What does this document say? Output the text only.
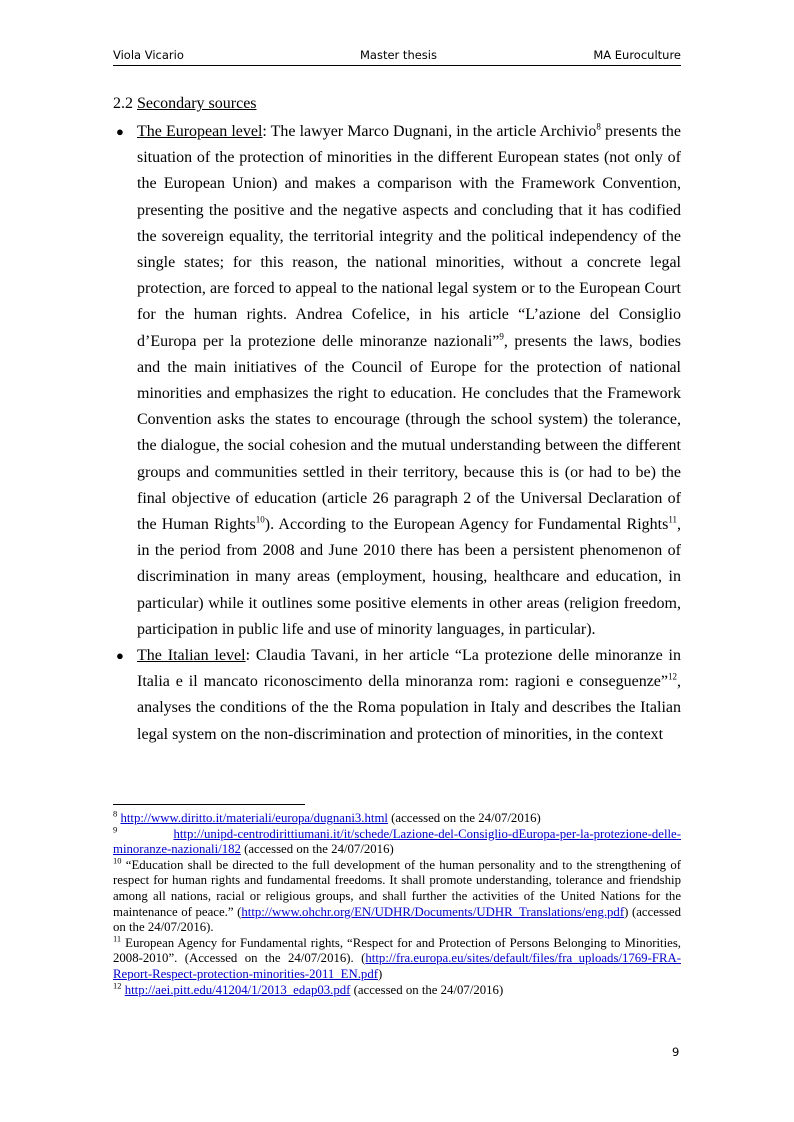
Viola Vicario	Master thesis	MA Euroculture
2.2 Secondary sources
● The European level: The lawyer Marco Dugnani, in the article Archivio$^8$ presents the situation of the protection of minorities in the different European states (not only of the European Union) and makes a comparison with the Framework Convention, presenting the positive and the negative aspects and concluding that it has codified the sovereign equality, the territorial integrity and the political independency of the single states; for this reason, the national minorities, without a concrete legal protection, are forced to appeal to the national legal system or to the European Court for the human rights. Andrea Cofelice, in his article “L’azione del Consiglio d’Europa per la protezione delle minoranze nazionali”$^9$, presents the laws, bodies and the main initiatives of the Council of Europe for the protection of national minorities and emphasizes the right to education. He concludes that the Framework Convention asks the states to encourage (through the school system) the tolerance, the dialogue, the social cohesion and the mutual understanding between the different groups and communities settled in their territory, because this is (or had to be) the final objective of education (article 26 paragraph 2 of the Universal Declaration of the Human Rights$^{10}$). According to the European Agency for Fundamental Rights$^{11}$, in the period from 2008 and June 2010 there has been a persistent phenomenon of discrimination in many areas (employment, housing, healthcare and education, in particular) while it outlines some positive elements in other areas (religion freedom, participation in public life and use of minority languages, in particular).
● The Italian level: Claudia Tavani, in her article “La protezione delle minoranze in Italia e il mancato riconoscimento della minoranza rom: ragioni e conseguenze”$^{12}$, analyses the conditions of the the Roma population in Italy and describes the Italian legal system on the non-discrimination and protection of minorities, in the context
$^8$ http://www.diritto.it/materiali/europa/dugnani3.html (accessed on the 24/07/2016)
$^9$	http://unipd-centrodirittiumani.it/it/schede/Lazione-del-Consiglio-dEuropa-per-la-protezione-delle-minoranze-nazionali/182 (accessed on the 24/07/2016)
$^{10}$ “Education shall be directed to the full development of the human personality and to the strengthening of respect for human rights and fundamental freedoms. It shall promote understanding, tolerance and friendship among all nations, racial or religious groups, and shall further the activities of the United Nations for the maintenance of peace.” (http://www.ohchr.org/EN/UDHR/Documents/UDHR_Translations/eng.pdf) (accessed on the 24/07/2016).
$^{11}$ European Agency for Fundamental rights, “Respect for and Protection of Persons Belonging to Minorities, 2008-2010”. (Accessed on the 24/07/2016). (http://fra.europa.eu/sites/default/files/fra_uploads/1769-FRA-Report-Respect-protection-minorities-2011_EN.pdf)
$^{12}$ http://aei.pitt.edu/41204/1/2013_edap03.pdf (accessed on the 24/07/2016)
9
